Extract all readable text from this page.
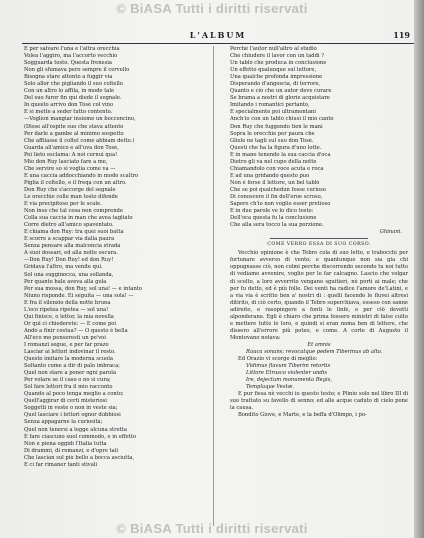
© BiASA Tutti i diritti riservati
L'ALBUM	119
E per salvare l'una e l'altra orecchia
Volea l'aggiro, ma l'accorto vecchio
Sogguarda tosto. Questa frenesia
Non gli sfumava pero sempre il cervello
Bisogna stare attento a fuggir via
Solo allor che pigliando il suo coltello
Con un altro lo affila, in modo tale
Del suo furor fin qui diede il segnale.
In questo arrivo don Tosé col vino
E si mette a seder tutto contento.
—Voglion mangiar insieme un bocconcino,
(Disse all'ospite suo che stava attento
Per darle a gambe al minimo sospetto
Che affilasse il coltel come abbiam detto.)
Guarda all'amico e all'uva don Tosé,
Poi lieto esclama: A noi cernui qua!
Mio don Ruy lasciato fare a me,
Che servire so si voglia come va —
E una caccia addocchiando in modo scaltro
Piglia il coltello, e il freqa con un altro.
Don Ruy che s'accorge del segnale
Le orecchie colle man tosto difende
E via precipitoso per le scale.
Non inse che tal cosa non comprende
Colla sua caccia in man che avea tagliato
Corre dietro all'amico spaventato.
E chiama don Ruy: tra quei suoi batta
E scorre a scappar via dalla paura
Senza pensare alla malconcia strada
A suoi dossari, ed alla notte oscura.
—Don Ruy! Don Ruy! ed don Ruy!
Gridava l'altro, ma venite qui.
Sol una sugginocca, una sollanda,
Per quanto bale aveva alla gola
Per sua mossa, don Ruy, sol una! — e intanto
Niuno risponde. Ei seguita — una sola! —
E fra il silenzio della notte bruna
L'eco ripetea ripetea — sol una!
Qui finisce, o lettor, la mia novella
Or qui ci chiederete: — E come poi
Andò a finir costua? — O questo è bella
All'eco mo penseresti un po'voi
I romanzi segue, e per far prazo
Lasciar ai lettori indovinar il resto.
Questo imitare la moderna scuola
Soltanto come a dir di palo imbraca;
Quel non stare a poner ogni parola
Per volare se il caso o no si cura;
Sol fare lettori fra il mio racconto
Quando al poco tenga meglio a conto;
Quell'aggirar di certi misteriosi
Soggetti in veste o non in veste sia;
Quel lasciare i lettori ognor dubbiosi
Senza appagarne la curiosità;
Quel non tenersi a legge alcuna stretta
E fare ciascuno suol commodo, e in effetto
Non è piena oggidì l'Italia tutta
Di drammi, di romanzi, e d'opre tali
Che lascian sul più bello a bocca asciutta,
E ci far rimaner tanti stivali
Perché l'autor null'altro al studio
Che chiudere il lavor con un taddì ?
Un tablò che produca in conclusione
Un effetto qualunque sul lettore,
Una qualche profonda impressione
Disperando d'angoscia, di terrore,
Quanto e ciò che un autor deve curare
Se brama a nostri di glorie acquistare
Imitando i romantici pertanto,
E specialmente poi ultramontani
Anch'io con un tablò chiusi il mio canto
Don Ruy che fuggendo tien le mani
Sopra le orecchie per paura che
Gliele ne tagli sul suo don Tosé.
Questi che ha la figura d'uno lotte.
E in mano tenendo la sua caccia d'oca
Dietro gli va nel cupo della notte
Chiamandolo con voce acuta e roca
E ad una gridando questo puo
Non é forse il lettore, un bel tablò
Che se poi qualchedun fosse curioso
Di conoscere il fin dell'eroe scroso,
Sapere ch'io non voglio esser pretioso
E in due parole ve lo dico tosto:
Dell'oca questa fu la conclusione
Che alla sera tocco la sua porzione.
Ghinani.
COME VERRO ESSA DI SUO CORSO.
Vecchio opinione è che Tebro cola di suo letto, e trabocchi per fortunare avverso di vento; e quantunque non sia gia chi oppugnasse ciò, non colmi perche discorrendo secondo tu noi tutto di vediamo avvenire, voglio per lo far calcagno. Lascio che volgar di scelto, a loro avverrito vengano sguitieri, nè porti ai male; che per fu detto, ed è più folle. Dei venti ha radice l'amore de'Latini, e a via via è scritto ben a' nostri di : quelli facendo le fluvei altresi ditirito, di ciò certo, quando il Tebro superchiava, esseso con sanne adireito, e rasopingere a fonti le linfe, e per ciò devetti alponderane. Egli è chiaro che prima fossero ministri di false culto e mettere tutte le loro, e quindi si eran noma ben di lettere, che dissero all'errore più poteo, e come. A corte di Augusto il Montovano notava:
Et amnis
Rauca sonans; revocatque pedem Tiberinus ab alto.
Ed Orazio vi scorge di meglio:
Vidimus flavum Tiberim retortis
Littore Etrusco violenter undis
Ire, dejectum monumenta Regis,
Templaque Vestæ.
E pur fissa nè vecchi io questo testo; e Plinio solo nel libro III di suo trattato su favello di senno; ed alle acque caduto di cielo pone la causa.
Bondito Giove, e Marte, e la beffa d'Olimpo, i po-
© BiASA Tutti i diritti riservati
